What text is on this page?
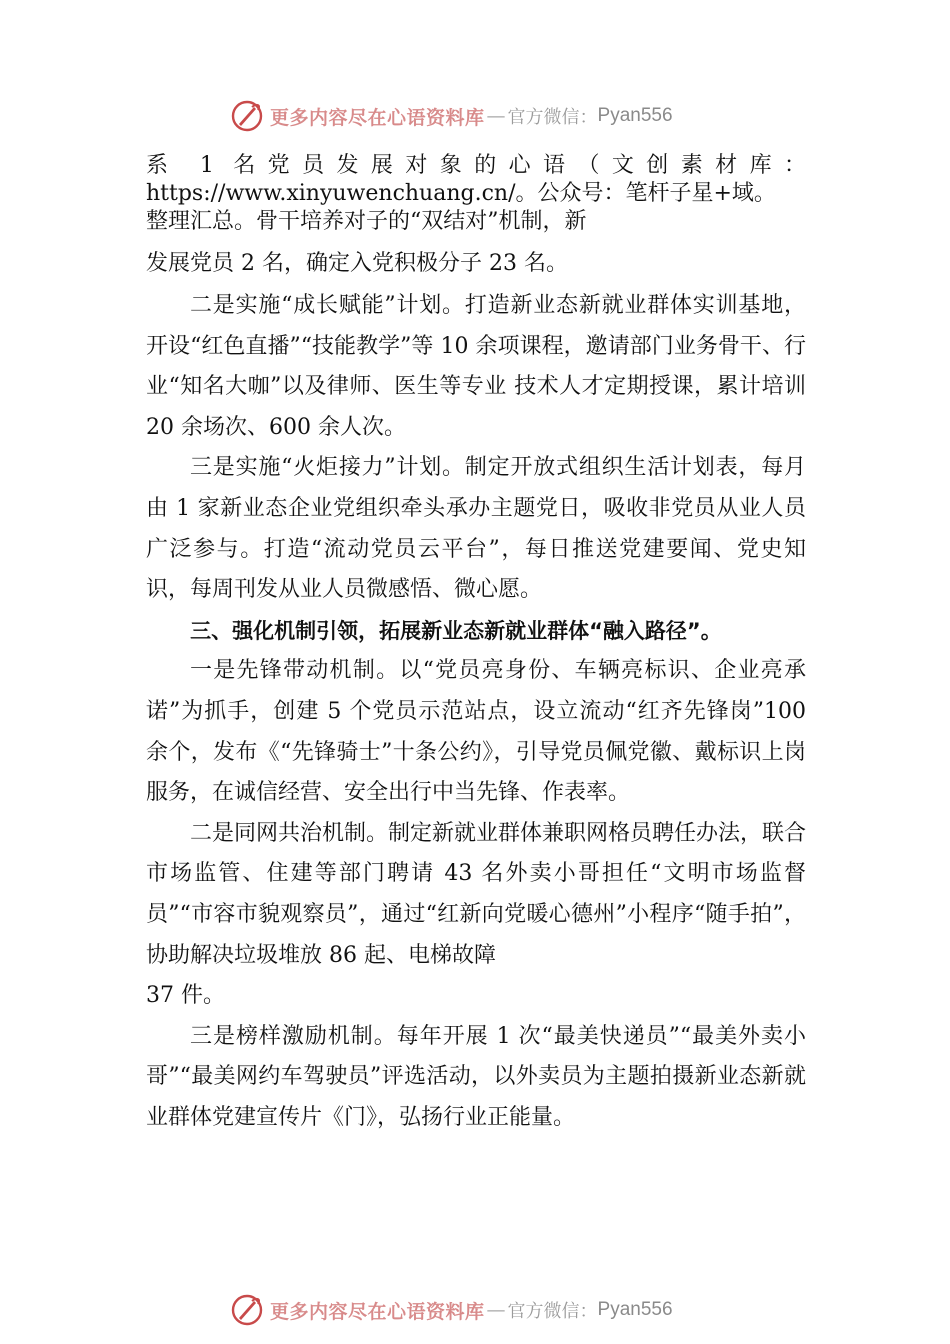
更多内容尽在心语资料库 — 官方微信： Pyan556
系 1 名党员发展对象的心语（文创素材库：
https://www.xinyuwenchuang.cn/。公众号：笔杆子星+域。
整理汇总。骨干培养对子的“双结对”机制，新
发展党员 2 名，确定入党积极分子 23 名。

二是实施“成长赋能”计划。打造新业态新就业群体实训基地，开设“红色直播”“技能教学”等 10 余项课程，邀请部门业务骨干、行业“知名大咖”以及律师、医生等专业 技术人才定期授课，累计培训 20 余场次、600 余人次。

三是实施“火炬接力”计划。制定开放式组织生活计划表，每月由 1 家新业态企业党组织牵头承办主题党日，吸收非党员从业人员广泛参与。打造“流动党员云平台”，每日推送党建要闻、党史知识，每周刊发从业人员微感悟、微心愿。

三、强化机制引领，拓展新业态新就业群体“融入路径”。

一是先锋带动机制。以“党员亮身份、车辆亮标识、企业亮承诺”为抓手，创建 5 个党员示范站点，设立流动“红齐先锋岗”100 余个，发布《“先锋骑士”十条公约》，引导党员佩党徽、戴标识上岗服务，在诚信经营、安全出行中当先锋、作表率。

二是同网共治机制。制定新就业群体兼职网格员聘任办法，联合市场监管、住建等部门聘请 43 名外卖小哥担任“文明市场监督员”“市容市貌观察员”，通过“红新向党暖心德州”小程序“随手拍”，协助解决垃圾堆放 86 起、电梯故障

37 件。

三是榜样激励机制。每年开展 1 次“最美快递员”“最美外卖小哥”“最美网约车驾驶员”评选活动，以外卖员为主题拍摄新业态新就业群体党建宣传片《门》，弘扬行业正能量。

更多内容尽在心语资料库 — 官方微信： Pyan556
